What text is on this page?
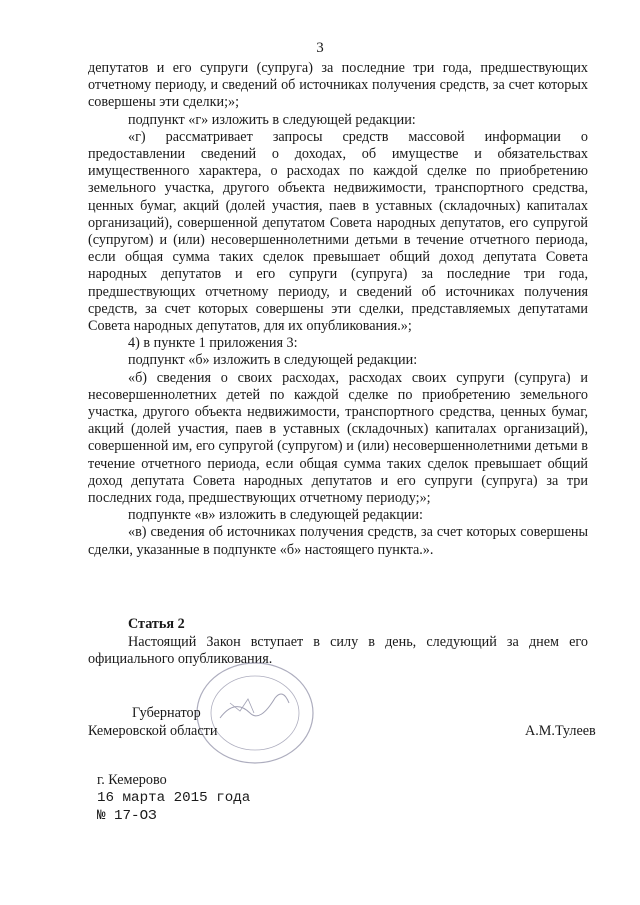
3

депутатов и его супруги (супруга) за последние три года, предшествующих отчетному периоду, и сведений об источниках получения средств, за счет которых совершены эти сделки;»;

подпункт «г» изложить в следующей редакции:

«г) рассматривает запросы средств массовой информации о предоставлении сведений о доходах, об имуществе и обязательствах имущественного характера, о расходах по каждой сделке по приобретению земельного участка, другого объекта недвижимости, транспортного средства, ценных бумаг, акций (долей участия, паев в уставных (складочных) капиталах организаций), совершенной депутатом Совета народных депутатов, его супругой (супругом) и (или) несовершеннолетними детьми в течение отчетного периода, если общая сумма таких сделок превышает общий доход депутата Совета народных депутатов и его супруги (супруга) за последние три года, предшествующих отчетному периоду, и сведений об источниках получения средств, за счет которых совершены эти сделки, представляемых депутатами Совета народных депутатов, для их опубликования.»;

4) в пункте 1 приложения 3:

подпункт «б» изложить в следующей редакции:

«б) сведения о своих расходах, расходах своих супруги (супруга) и несовершеннолетних детей по каждой сделке по приобретению земельного участка, другого объекта недвижимости, транспортного средства, ценных бумаг, акций (долей участия, паев в уставных (складочных) капиталах организаций), совершенной им, его супругой (супругом) и (или) несовершеннолетними детьми в течение отчетного периода, если общая сумма таких сделок превышает общий доход депутата Совета народных депутатов и его супруги (супруга) за три последних года, предшествующих отчетному периоду;»;

подпункте «в» изложить в следующей редакции:

«в) сведения об источниках получения средств, за счет которых совершены сделки, указанные в подпункте «б» настоящего пункта.».

Статья 2
Настоящий Закон вступает в силу в день, следующий за днем его официального опубликования.
Губернатор
Кемеровской области	А.М.Тулеев
г. Кемерово
16 марта 2015 года
№ 17-ОЗ
